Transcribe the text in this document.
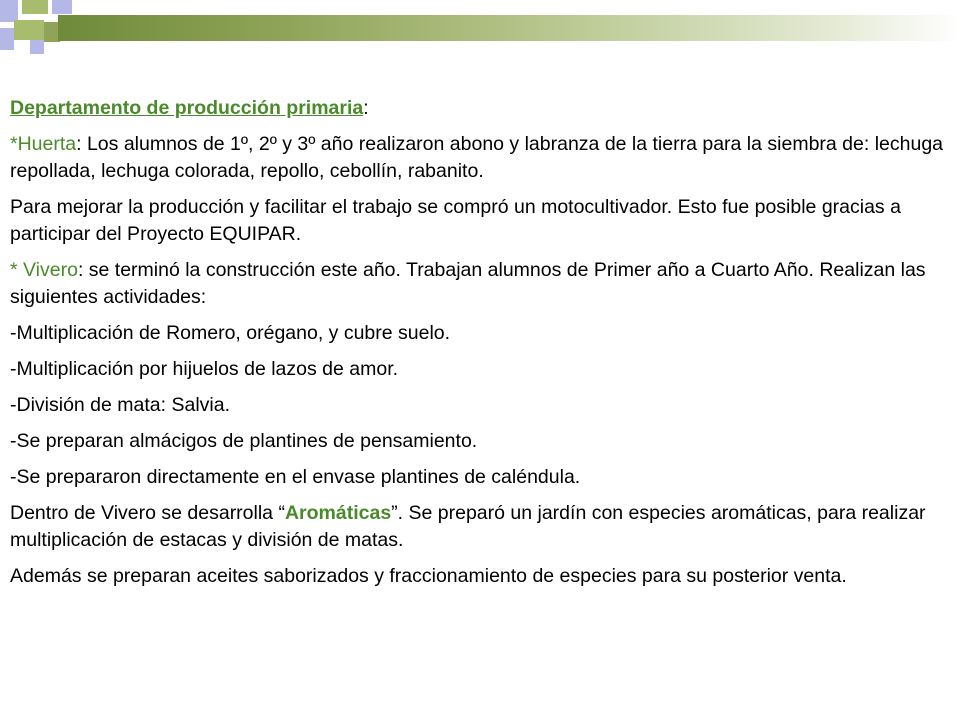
Departamento de producción primaria:

*Huerta: Los alumnos de 1º, 2º y 3º año realizaron abono y labranza de la tierra para la siembra de: lechuga repollada, lechuga colorada, repollo, cebollín, rabanito.

Para mejorar la producción y facilitar el trabajo se compró un motocultivador. Esto fue posible gracias a participar del Proyecto EQUIPAR.

* Vivero: se terminó la construcción este año. Trabajan alumnos de Primer año a Cuarto Año. Realizan las siguientes actividades:

-Multiplicación de Romero, orégano, y cubre suelo.

-Multiplicación por hijuelos de lazos de amor.

-División de mata: Salvia.

-Se preparan almácigos de plantines de pensamiento.

-Se prepararon directamente en el envase plantines de caléndula.

Dentro de Vivero se desarrolla “Aromáticas”. Se preparó un jardín con especies aromáticas, para realizar multiplicación de estacas y división de matas.

Además se preparan aceites saborizados y fraccionamiento de especies para su posterior venta.
